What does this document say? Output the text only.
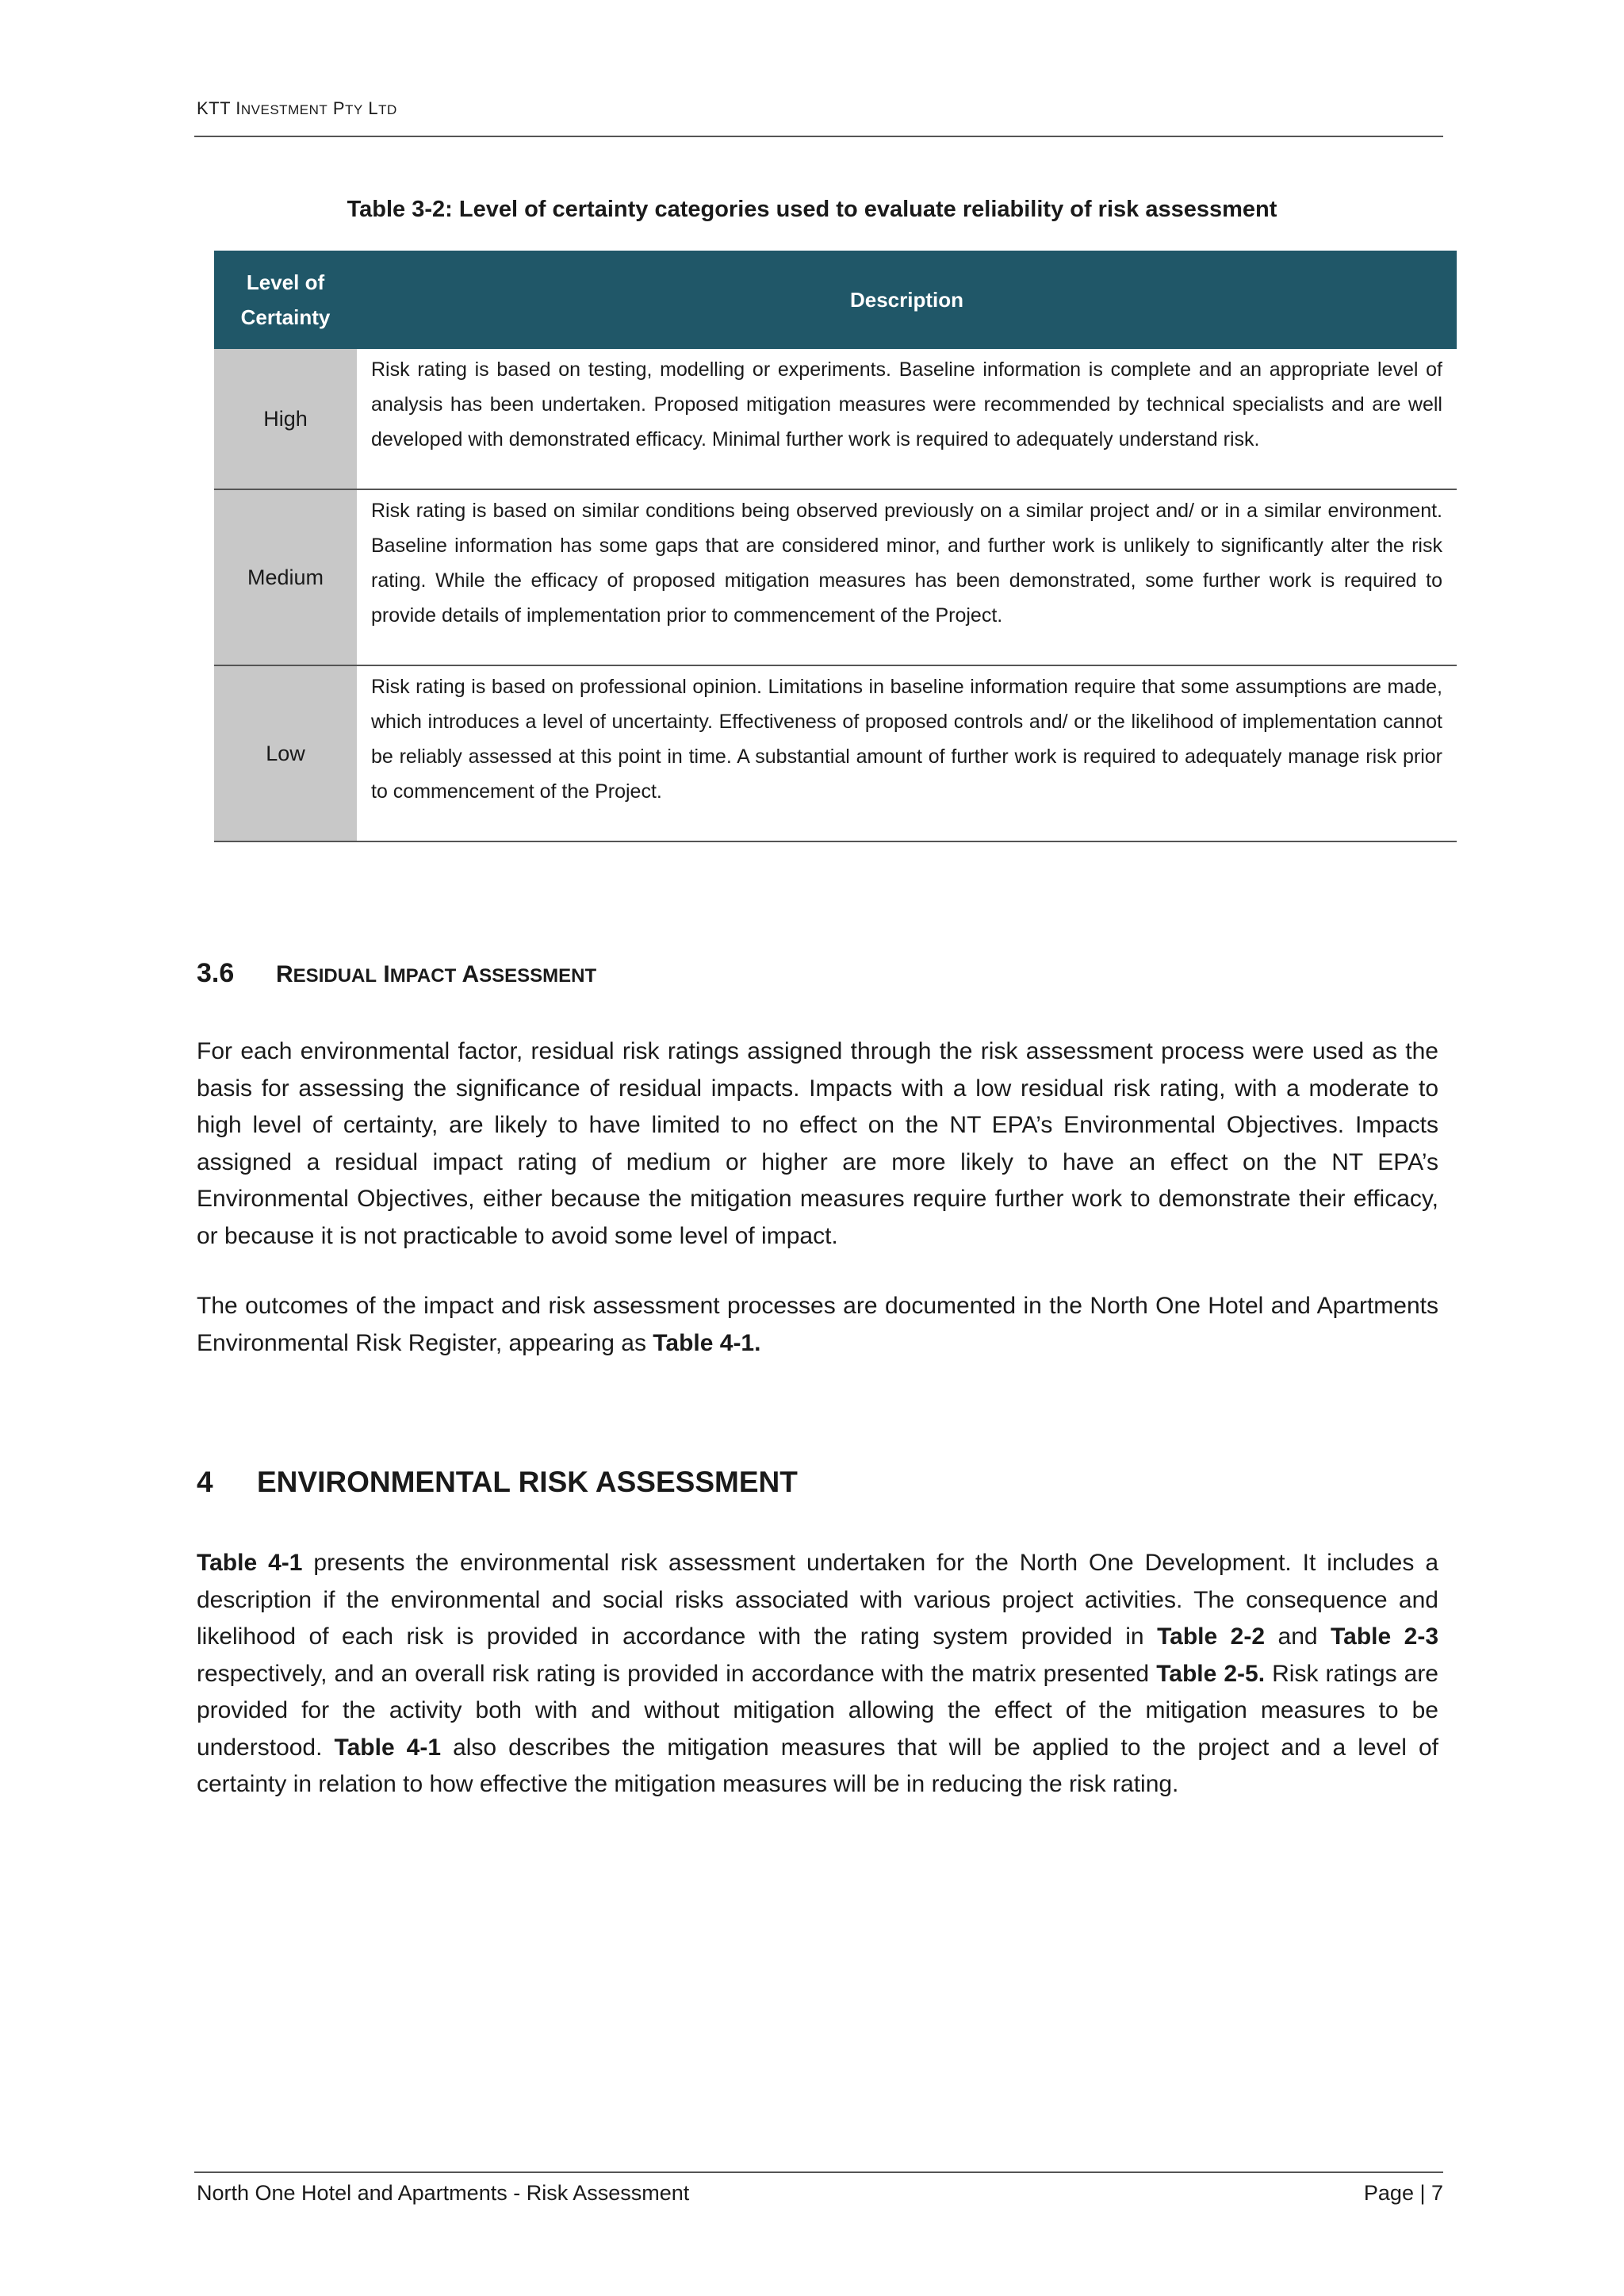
KTT INVESTMENT PTY LTD
Table 3-2: Level of certainty categories used to evaluate reliability of risk assessment
Level of
Certainty	Description
High	Risk rating is based on testing, modelling or experiments. Baseline information is complete and an appropriate level of analysis has been undertaken. Proposed mitigation measures were recommended by technical specialists and are well developed with demonstrated efficacy. Minimal further work is required to adequately understand risk.
Medium	Risk rating is based on similar conditions being observed previously on a similar project and/ or in a similar environment. Baseline information has some gaps that are considered minor, and further work is unlikely to significantly alter the risk rating. While the efficacy of proposed mitigation measures has been demonstrated, some further work is required to provide details of implementation prior to commencement of the Project.
Low	Risk rating is based on professional opinion. Limitations in baseline information require that some assumptions are made, which introduces a level of uncertainty. Effectiveness of proposed controls and/ or the likelihood of implementation cannot be reliably assessed at this point in time. A substantial amount of further work is required to adequately manage risk prior to commencement of the Project.
3.6 RESIDUAL IMPACT ASSESSMENT
For each environmental factor, residual risk ratings assigned through the risk assessment process were used as the basis for assessing the significance of residual impacts. Impacts with a low residual risk rating, with a moderate to high level of certainty, are likely to have limited to no effect on the NT EPA’s Environmental Objectives. Impacts assigned a residual impact rating of medium or higher are more likely to have an effect on the NT EPA’s Environmental Objectives, either because the mitigation measures require further work to demonstrate their efficacy, or because it is not practicable to avoid some level of impact.
The outcomes of the impact and risk assessment processes are documented in the North One Hotel and Apartments Environmental Risk Register, appearing as Table 4-1.
4 ENVIRONMENTAL RISK ASSESSMENT
Table 4-1 presents the environmental risk assessment undertaken for the North One Development. It includes a description if the environmental and social risks associated with various project activities. The consequence and likelihood of each risk is provided in accordance with the rating system provided in Table 2-2 and Table 2-3 respectively, and an overall risk rating is provided in accordance with the matrix presented Table 2-5. Risk ratings are provided for the activity both with and without mitigation allowing the effect of the mitigation measures to be understood. Table 4-1 also describes the mitigation measures that will be applied to the project and a level of certainty in relation to how effective the mitigation measures will be in reducing the risk rating.
North One Hotel and Apartments - Risk Assessment	Page | 7
